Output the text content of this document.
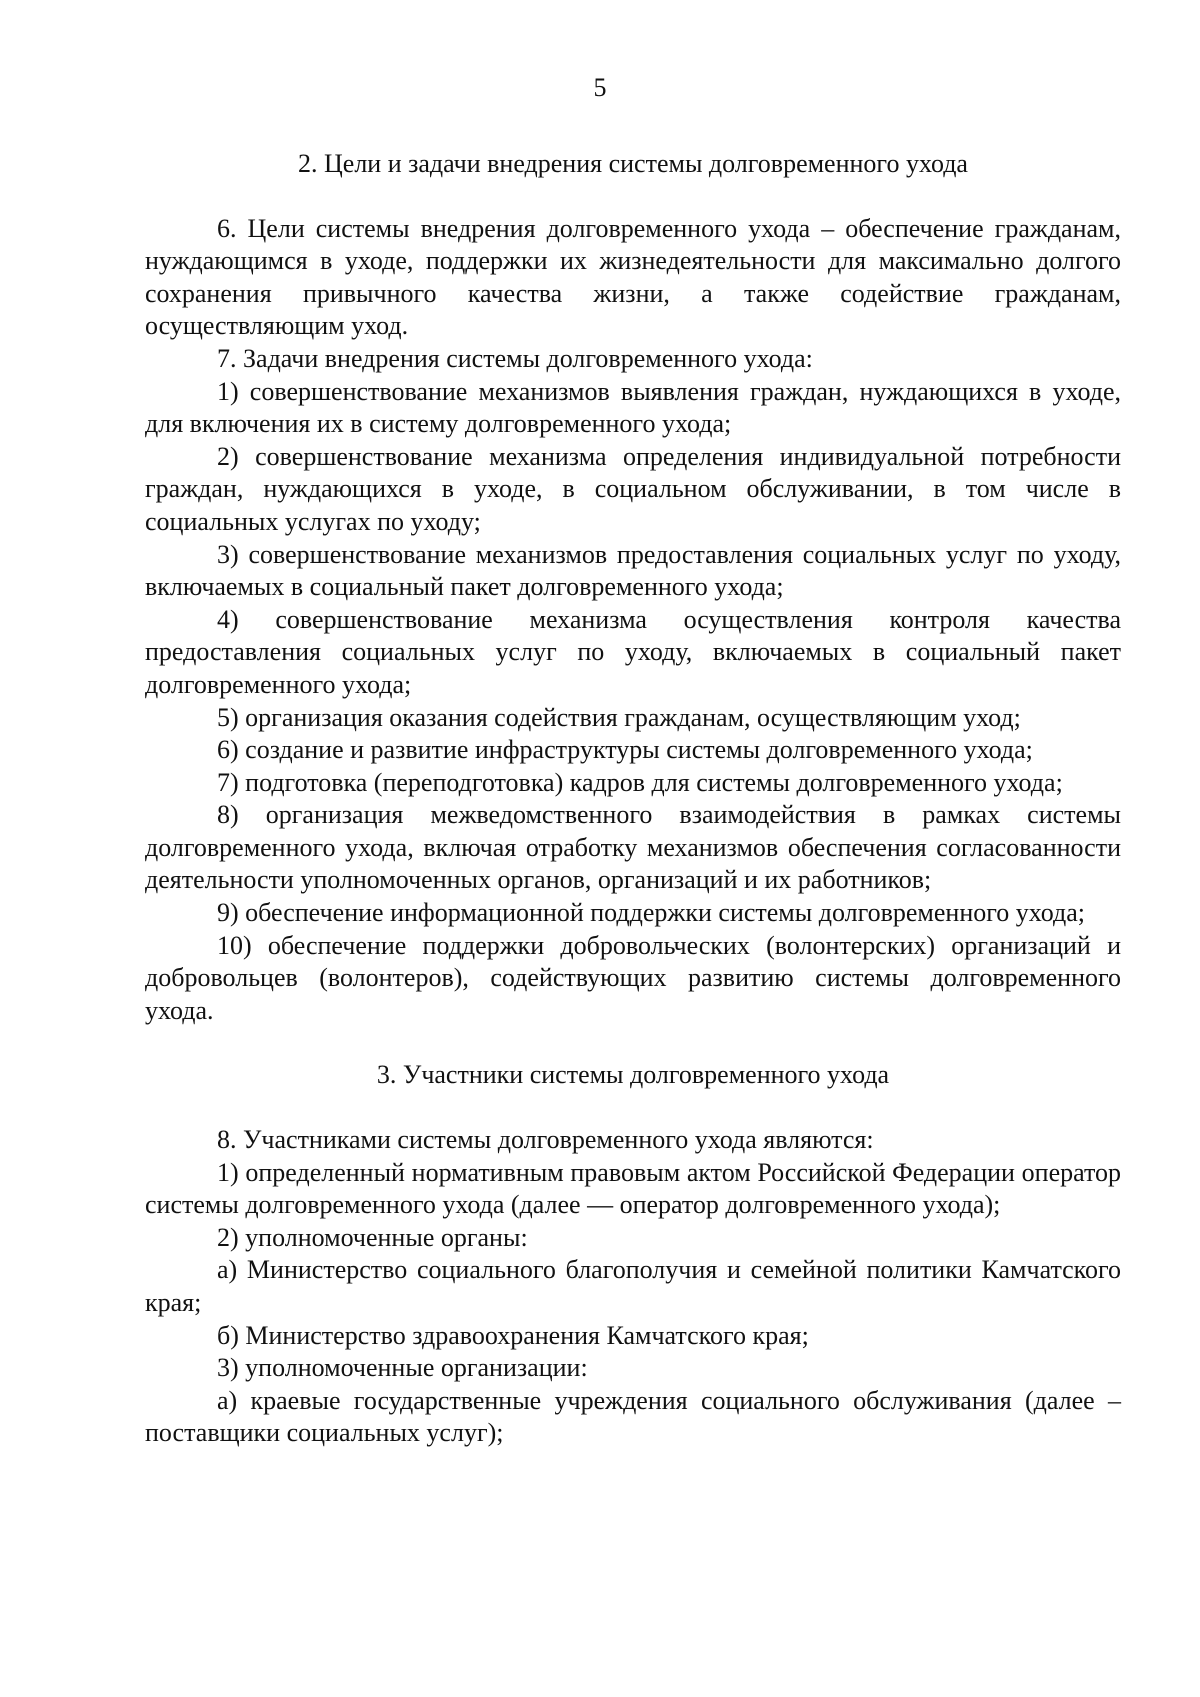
5
2. Цели и задачи внедрения системы долговременного ухода

6. Цели системы внедрения долговременного ухода – обеспечение гражданам, нуждающимся в уходе, поддержки их жизнедеятельности для максимально долгого сохранения привычного качества жизни, а также содействие гражданам, осуществляющим уход.

7. Задачи внедрения системы долговременного ухода:

1) совершенствование механизмов выявления граждан, нуждающихся в уходе, для включения их в систему долговременного ухода;

2) совершенствование механизма определения индивидуальной потребности граждан, нуждающихся в уходе, в социальном обслуживании, в том числе в социальных услугах по уходу;

3) совершенствование механизмов предоставления социальных услуг по уходу, включаемых в социальный пакет долговременного ухода;

4) совершенствование механизма осуществления контроля качества предоставления социальных услуг по уходу, включаемых в социальный пакет долговременного ухода;

5) организация оказания содействия гражданам, осуществляющим уход;

6) создание и развитие инфраструктуры системы долговременного ухода;

7) подготовка (переподготовка) кадров для системы долговременного ухода;

8) организация межведомственного взаимодействия в рамках системы долговременного ухода, включая отработку механизмов обеспечения согласованности деятельности уполномоченных органов, организаций и их работников;

9) обеспечение информационной поддержки системы долговременного ухода;

10) обеспечение поддержки добровольческих (волонтерских) организаций и добровольцев (волонтеров), содействующих развитию системы долговременного ухода.

3. Участники системы долговременного ухода

8. Участниками системы долговременного ухода являются:

1) определенный нормативным правовым актом Российской Федерации оператор системы долговременного ухода (далее — оператор долговременного ухода);

2) уполномоченные органы:

а) Министерство социального благополучия и семейной политики Камчатского края;

б) Министерство здравоохранения Камчатского края;

3) уполномоченные организации:

а) краевые государственные учреждения социального обслуживания (далее – поставщики социальных услуг);
